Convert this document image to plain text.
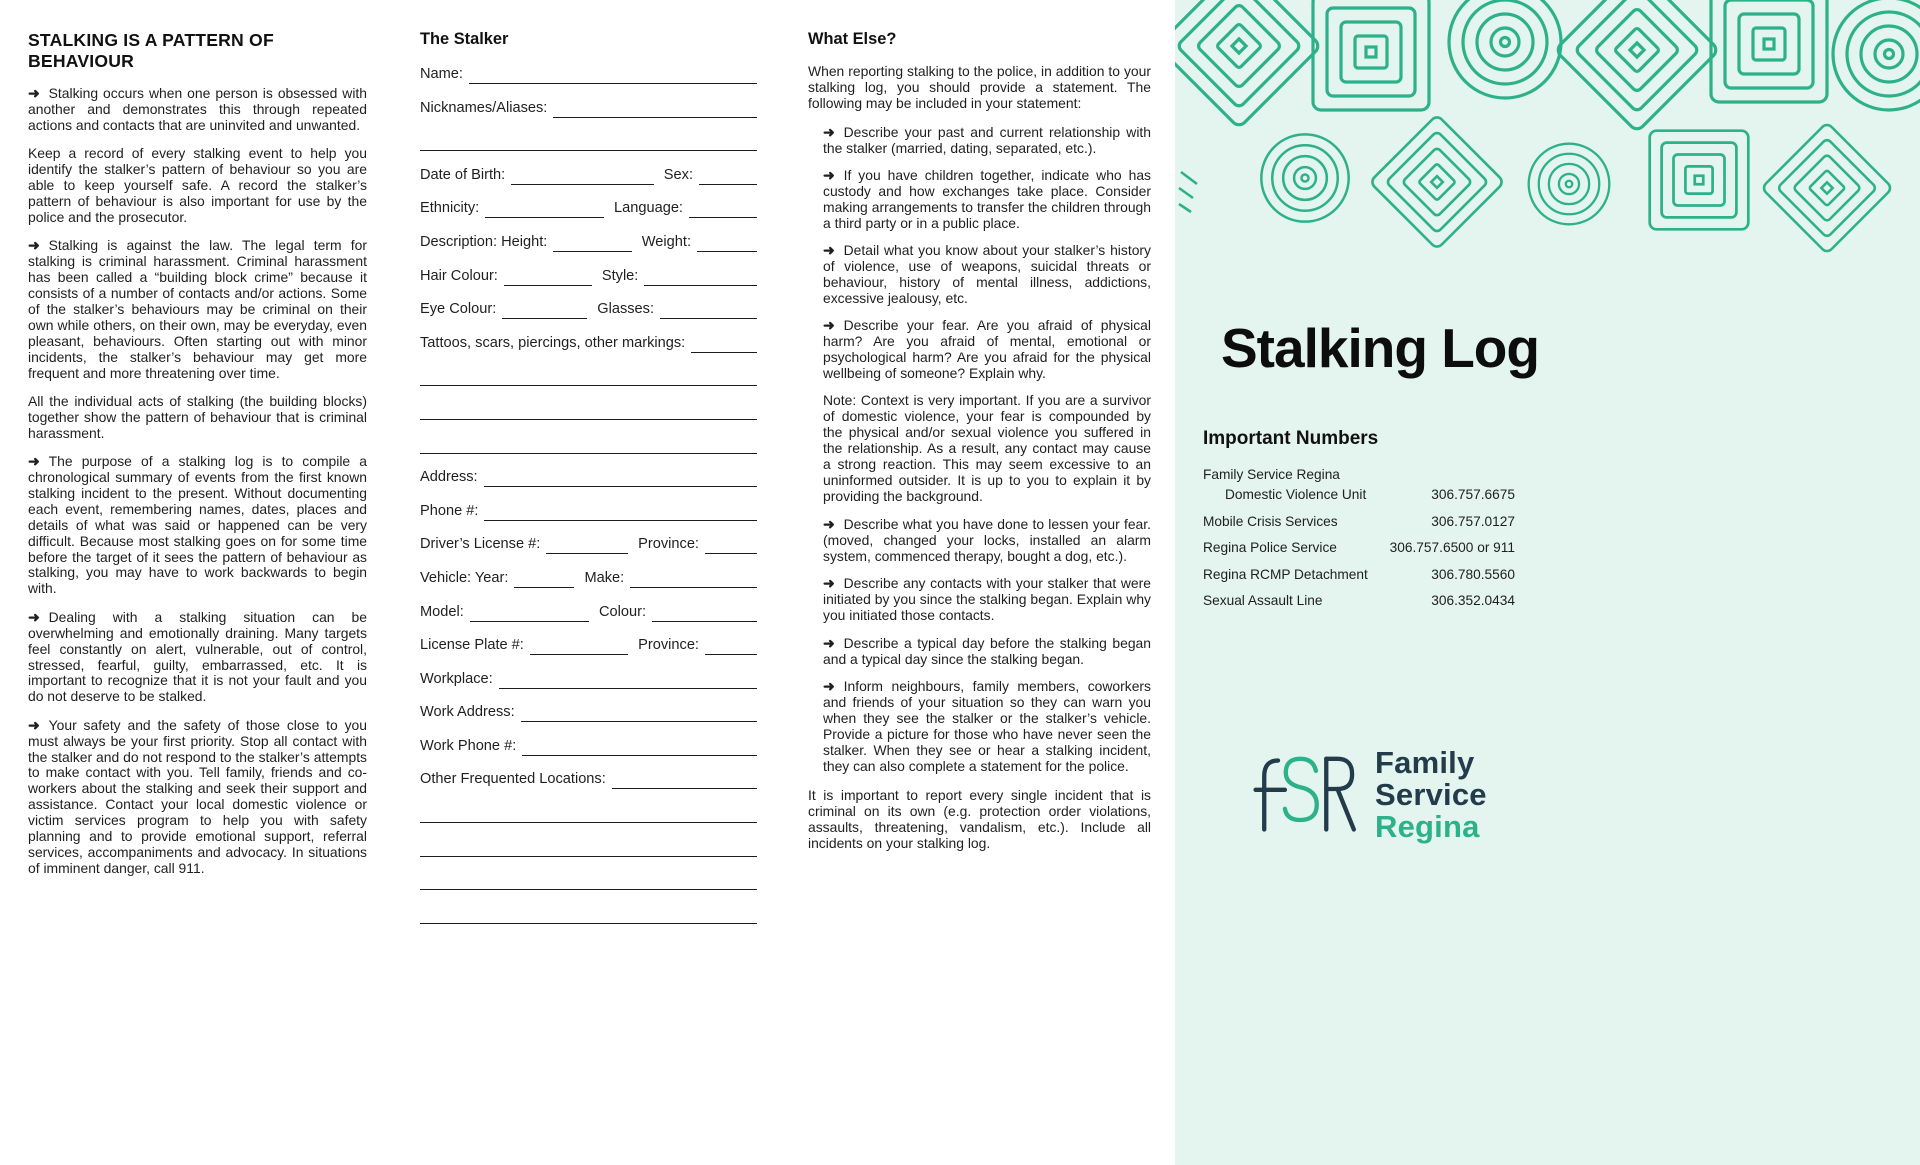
STALKING IS A PATTERN OF BEHAVIOUR

➜ Stalking occurs when one person is obsessed with another and demonstrates this through repeated actions and contacts that are uninvited and unwanted.

Keep a record of every stalking event to help you identify the stalker’s pattern of behaviour so you are able to keep yourself safe. A record the stalker’s pattern of behaviour is also important for use by the police and the prosecutor.

➜ Stalking is against the law. The legal term for stalking is criminal harassment. Criminal harassment has been called a “building block crime” because it consists of a number of contacts and/or actions. Some of the stalker’s behaviours may be criminal on their own while others, on their own, may be everyday, even pleasant, behaviours. Often starting out with minor incidents, the stalker’s behaviour may get more frequent and more threatening over time.

All the individual acts of stalking (the building blocks) together show the pattern of behaviour that is criminal harassment.

➜ The purpose of a stalking log is to compile a chronological summary of events from the first known stalking incident to the present. Without documenting each event, remembering names, dates, places and details of what was said or happened can be very difficult. Because most stalking goes on for some time before the target of it sees the pattern of behaviour as stalking, you may have to work backwards to begin with.

➜ Dealing with a stalking situation can be overwhelming and emotionally draining. Many targets feel constantly on alert, vulnerable, out of control, stressed, fearful, guilty, embarrassed, etc. It is important to recognize that it is not your fault and you do not deserve to be stalked.

➜ Your safety and the safety of those close to you must always be your first priority. Stop all contact with the stalker and do not respond to the stalker’s attempts to make contact with you. Tell family, friends and co-workers about the stalking and seek their support and assistance. Contact your local domestic violence or victim services program to help you with safety planning and to provide emotional support, referral services, accompaniments and advocacy. In situations of imminent danger, call 911.

The Stalker
Name:
Nicknames/Aliases:
Date of Birth:	Sex:
Ethnicity:	Language:
Description: Height:	Weight:
Hair Colour:	Style:
Eye Colour:	Glasses:
Tattoos, scars, piercings, other markings:
Address:
Phone #:
Driver’s License #:	Province:
Vehicle: Year:	Make:
Model:	Colour:
License Plate #:	Province:
Workplace:
Work Address:
Work Phone #:
Other Frequented Locations:
What Else?

When reporting stalking to the police, in addition to your stalking log, you should provide a statement. The following may be included in your statement:

➜ Describe your past and current relationship with the stalker (married, dating, separated, etc.).

➜ If you have children together, indicate who has custody and how exchanges take place. Consider making arrangements to transfer the children through a third party or in a public place.

➜ Detail what you know about your stalker’s history of violence, use of weapons, suicidal threats or behaviour, history of mental illness, addictions, excessive jealousy, etc.

➜ Describe your fear. Are you afraid of physical harm? Are you afraid of mental, emotional or psychological harm? Are you afraid for the physical wellbeing of someone? Explain why.

Note: Context is very important. If you are a survivor of domestic violence, your fear is compounded by the physical and/or sexual violence you suffered in the relationship. As a result, any contact may cause a strong reaction. This may seem excessive to an uninformed outsider. It is up to you to explain it by providing the background.

➜ Describe what you have done to lessen your fear. (moved, changed your locks, installed an alarm system, commenced therapy, bought a dog, etc.).

➜ Describe any contacts with your stalker that were initiated by you since the stalking began. Explain why you initiated those contacts.

➜ Describe a typical day before the stalking began and a typical day since the stalking began.

➜ Inform neighbours, family members, coworkers and friends of your situation so they can warn you when they see the stalker or the stalker’s vehicle. Provide a picture for those who have never seen the stalker. When they see or hear a stalking incident, they can also complete a statement for the police.

It is important to report every single incident that is criminal on its own (e.g. protection order violations, assaults, threatening, vandalism, etc.). Include all incidents on your stalking log.

Stalking Log
Important Numbers
Family Service Regina
Domestic Violence Unit	306.757.6675
Mobile Crisis Services	306.757.0127
Regina Police Service	306.757.6500 or 911
Regina RCMP Detachment	306.780.5560
Sexual Assault Line	306.352.0434
Family
Service
Regina
